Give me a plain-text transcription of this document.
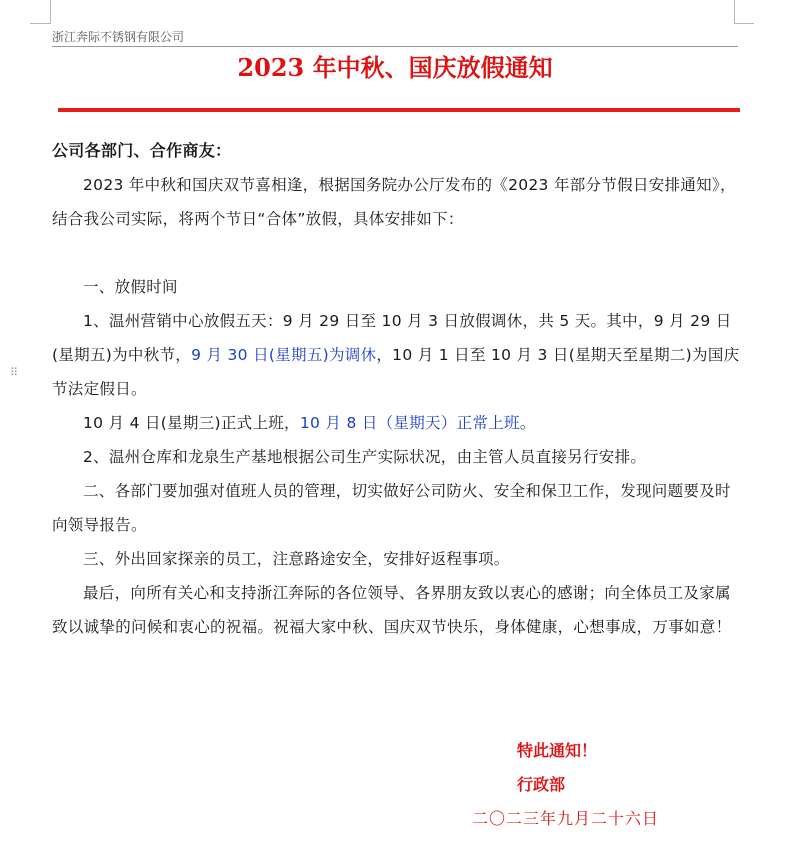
浙江奔际不锈钢有限公司
2023 年中秋、国庆放假通知
⠿

公司各部门、合作商友：

2023 年中秋和国庆双节喜相逢，根据国务院办公厅发布的《2023 年部分节假日安排通知》，结合我公司实际，将两个节日“合体”放假，具体安排如下：

一、放假时间

1、温州营销中心放假五天：9 月 29 日至 10 月 3 日放假调休，共 5 天。其中，9 月 29 日(星期五)为中秋节，9 月 30 日(星期五)为调休，10 月 1 日至 10 月 3 日(星期天至星期二)为国庆节法定假日。

10 月 4 日(星期三)正式上班，10 月 8 日（星期天）正常上班。

2、温州仓库和龙泉生产基地根据公司生产实际状况，由主管人员直接另行安排。

二、各部门要加强对值班人员的管理，切实做好公司防火、安全和保卫工作，发现问题要及时向领导报告。

三、外出回家探亲的员工，注意路途安全，安排好返程事项。

最后，向所有关心和支持浙江奔际的各位领导、各界朋友致以衷心的感谢；向全体员工及家属致以诚挚的问候和衷心的祝福。祝福大家中秋、国庆双节快乐，身体健康，心想事成，万事如意！

特此通知！
行政部
二〇二三年九月二十六日
